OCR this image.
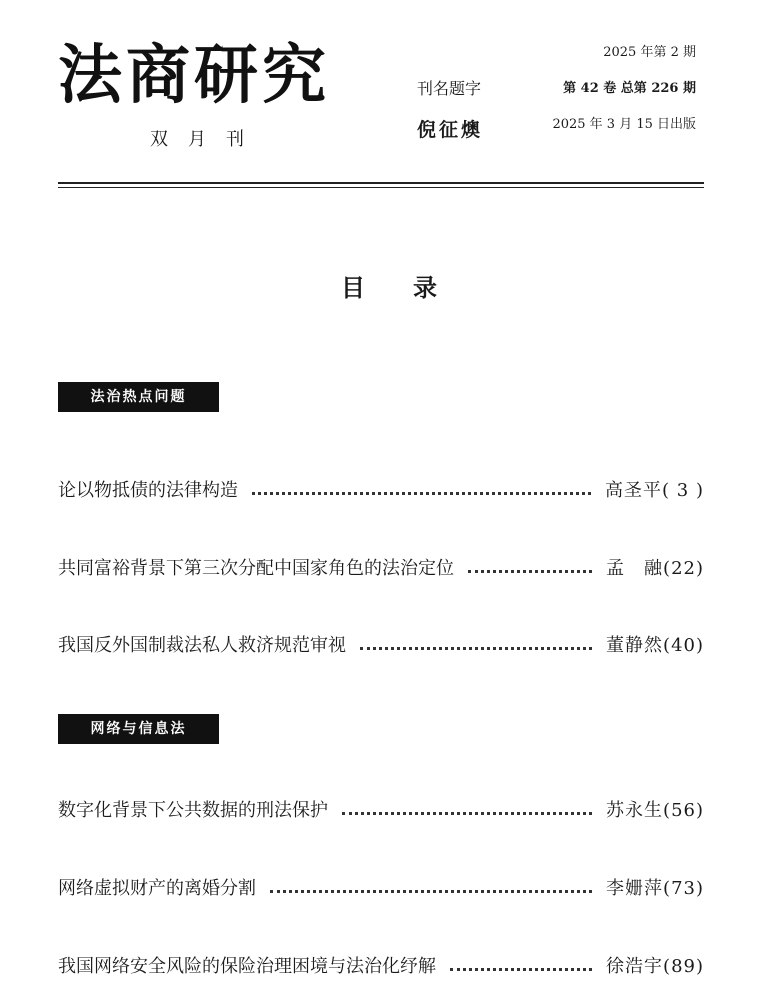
法商研究
双月刊
刊名题字
倪征燠
2025 年第 2 期
第 42 卷 总第 226 期
2025 年 3 月 15 日出版
目录
法治热点问题
论以物抵债的法律构造	高圣平( 3 )
共同富裕背景下第三次分配中国家角色的法治定位	孟　融(22)
我国反外国制裁法私人救济规范审视	董静然(40)
网络与信息法
数字化背景下公共数据的刑法保护	苏永生(56)
网络虚拟财产的离婚分割	李姗萍(73)
我国网络安全风险的保险治理困境与法治化纾解	徐浩宇(89)
